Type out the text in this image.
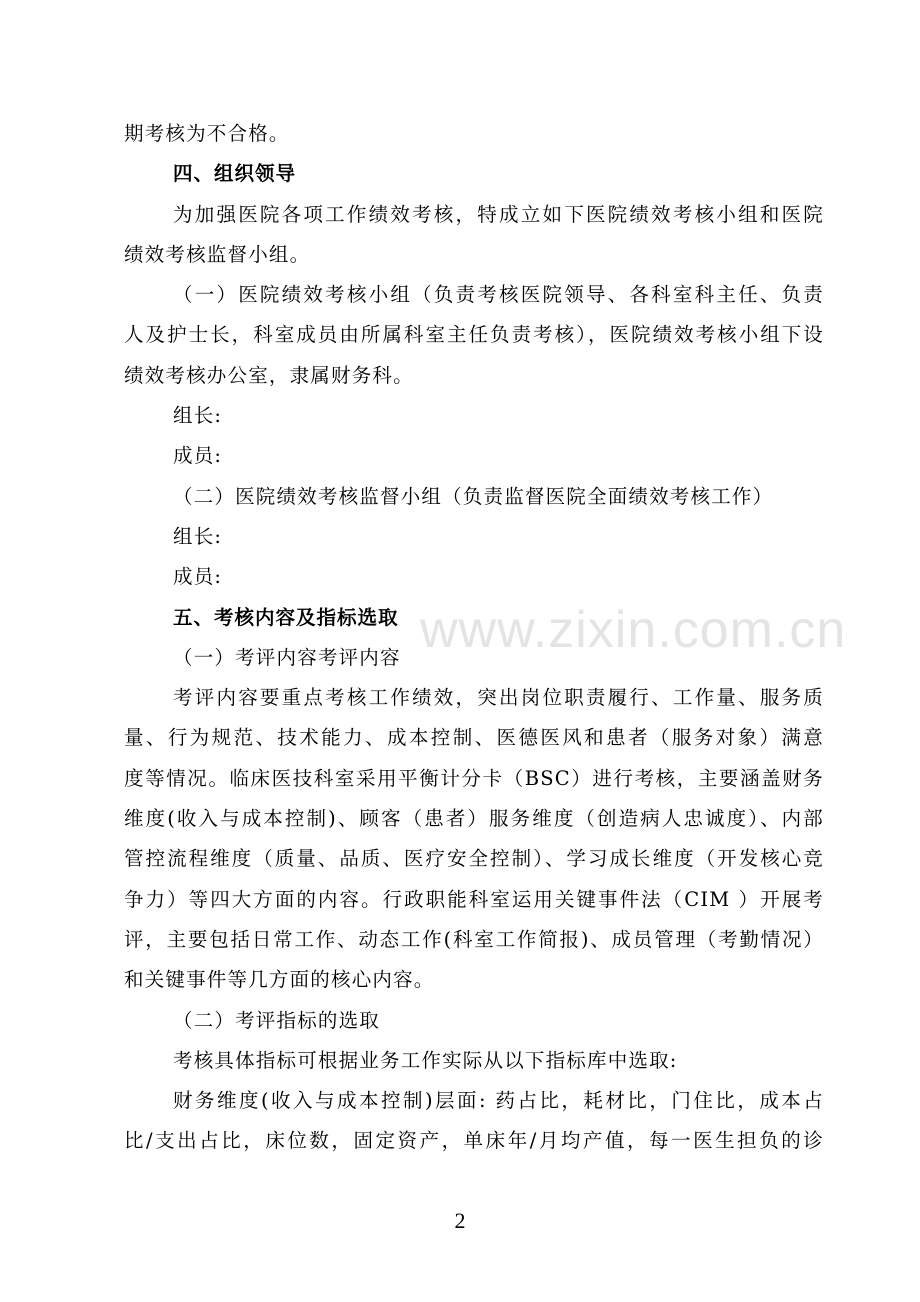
www.zixin.com.cn
期考核为不合格。
四、组织领导
为加强医院各项工作绩效考核，特成立如下医院绩效考核小组和医院
绩效考核监督小组。
（一）医院绩效考核小组（负责考核医院领导、各科室科主任、负责
人及护士长，科室成员由所属科室主任负责考核），医院绩效考核小组下设
绩效考核办公室，隶属财务科。
组长:
成员:
（二）医院绩效考核监督小组（负责监督医院全面绩效考核工作）
组长:
成员:
五、考核内容及指标选取
（一）考评内容考评内容
考评内容要重点考核工作绩效，突出岗位职责履行、工作量、服务质
量、行为规范、技术能力、成本控制、医德医风和患者（服务对象）满意
度等情况。临床医技科室采用平衡计分卡（BSC）进行考核，主要涵盖财务
维度(收入与成本控制)、顾客（患者）服务维度（创造病人忠诚度）、内部
管控流程维度（质量、品质、医疗安全控制）、学习成长维度（开发核心竞
争力）等四大方面的内容。行政职能科室运用关键事件法（CIM ）开展考
评，主要包括日常工作、动态工作(科室工作简报)、成员管理（考勤情况）
和关键事件等几方面的核心内容。
（二）考评指标的选取
考核具体指标可根据业务工作实际从以下指标库中选取:
财务维度(收入与成本控制)层面: 药占比，耗材比，门住比，成本占
比/支出占比，床位数，固定资产，单床年/月均产值，每一医生担负的诊
2
